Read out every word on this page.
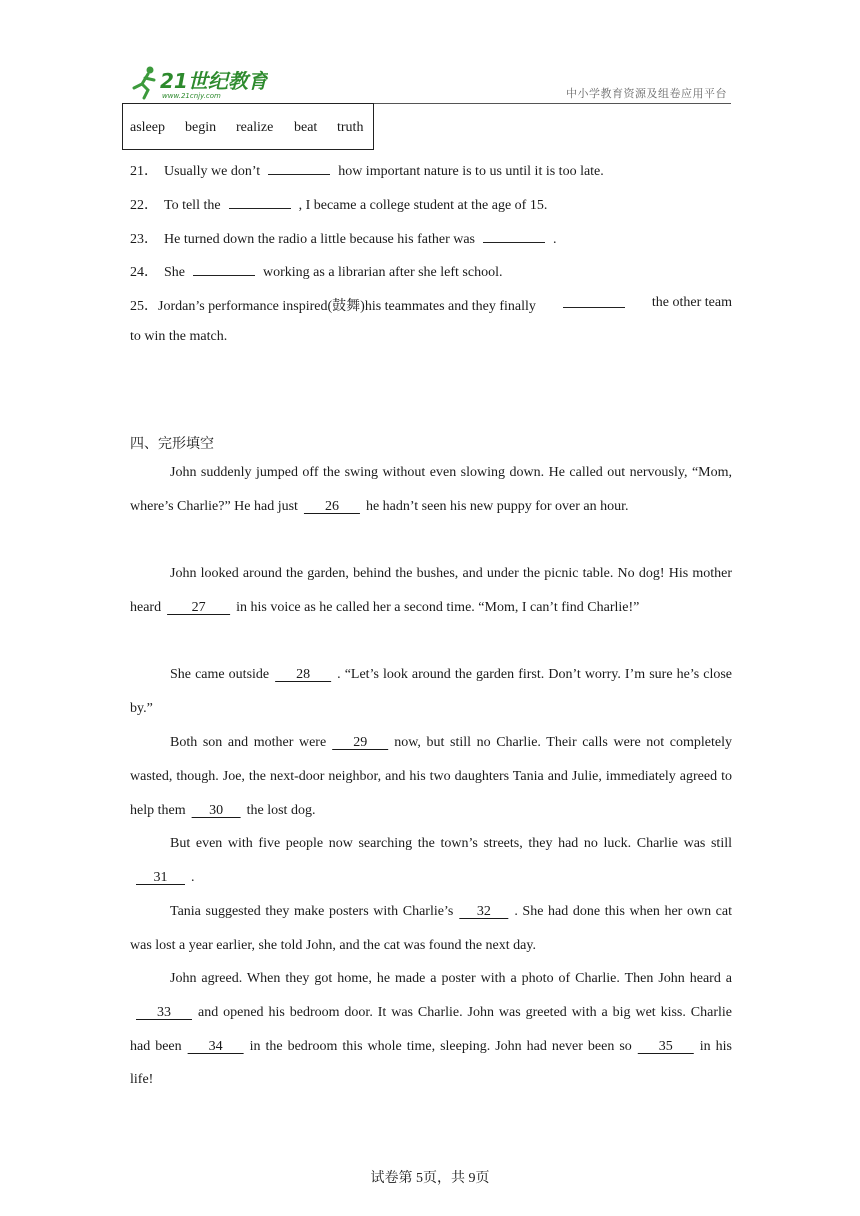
21世纪教育
www.21cnjy.com	中小学教育资源及组卷应用平台
asleep begin realize beat truth
21． Usually we don’t	how important nature is to us until it is too late.
22． To tell the	, I became a college student at the age of 15.
23． He turned down the radio a little because his father was	.
24． She	working as a librarian after she left school.
25．Jordan’s performance inspired(鼓舞)his teammates and they finally	the other team
to win the match.
四、完形填空
John suddenly jumped off the swing without even slowing down. He called out nervously, “Mom, where’s Charlie?” He had just      26      he hadn’t seen his new puppy for over an hour.
John looked around the garden, behind the bushes, and under the picnic table. No dog! His mother heard       27       in his voice as he called her a second time. “Mom, I can’t find Charlie!”
She came outside      28      . “Let’s look around the garden first. Don’t worry. I’m sure he’s close by.”
Both son and mother were      29      now, but still no Charlie. Their calls were not completely wasted, though. Joe, the next-door neighbor, and his two daughters Tania and Julie, immediately agreed to help them     30     the lost dog.
But even with five people now searching the town’s streets, they had no luck. Charlie was still     31     .
Tania suggested they make posters with Charlie’s     32     . She had done this when her own cat was lost a year earlier, she told John, and the cat was found the next day.
John agreed. When they got home, he made a poster with a photo of Charlie. Then John heard a      33      and opened his bedroom door. It was Charlie. John was greeted with a big wet kiss. Charlie had been      34      in the bedroom this whole time, sleeping. John had never been so      35      in his life!
试卷第 5页，共 9页
